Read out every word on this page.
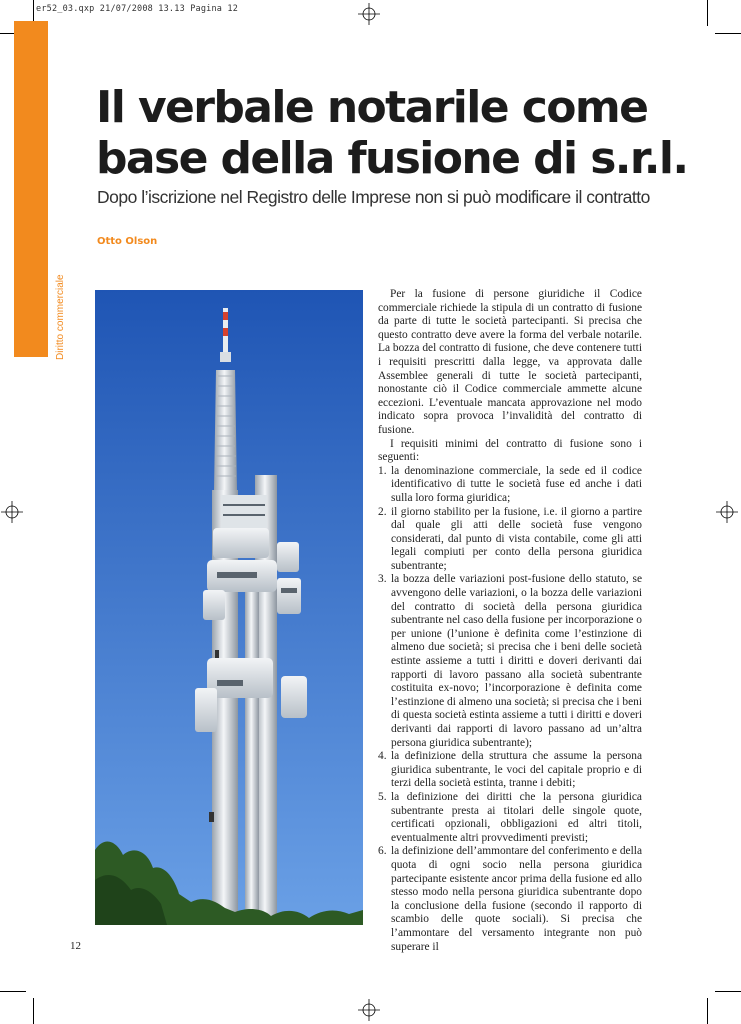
er52_03.qxp 21/07/2008 13.13 Pagina 12
Diritto commerciale
Il verbale notarile come base della fusione di s.r.l.
Dopo l’iscrizione nel Registro delle Imprese non si può modificare il contratto
Otto Olson

Per la fusione di persone giuridiche il Codice commerciale richiede la stipula di un contratto di fusione da parte di tutte le società partecipanti. Si precisa che questo contratto deve avere la forma del verbale notarile. La bozza del contratto di fusione, che deve contenere tutti i requisiti prescritti dalla legge, va approvata dalle Assemblee generali di tutte le società partecipanti, nonostante ciò il Codice commerciale ammette alcune eccezioni. L’eventuale mancata approvazione nel modo indicato sopra provoca l’invalidità del contratto di fusione.

I requisiti minimi del contratto di fusione sono i seguenti:

1. la denominazione commerciale, la sede ed il codice identificativo di tutte le società fuse ed anche i dati sulla loro forma giuridica;
2. il giorno stabilito per la fusione, i.e. il giorno a partire dal quale gli atti delle società fuse vengono considerati, dal punto di vista contabile, come gli atti legali compiuti per conto della persona giuridica subentrante;
3. la bozza delle variazioni post-fusione dello statuto, se avvengono delle variazioni, o la bozza delle variazioni del contratto di società della persona giuridica subentrante nel caso della fusione per incorporazione o per unione (l’unione è definita come l’estinzione di almeno due società; si precisa che i beni delle società estinte assieme a tutti i diritti e doveri derivanti dai rapporti di lavoro passano alla società subentrante costituita ex-novo; l’incorporazione è definita come l’estinzione di almeno una società; si precisa che i beni di questa società estinta assieme a tutti i diritti e doveri derivanti dai rapporti di lavoro passano ad un’altra persona giuridica subentrante);
4. la definizione della struttura che assume la persona giuridica subentrante, le voci del capitale proprio e di terzi della società estinta, tranne i debiti;
5. la definizione dei diritti che la persona giuridica subentrante presta ai titolari delle singole quote, certificati opzionali, obbligazioni ed altri titoli, eventualmente altri provvedimenti previsti;
6. la definizione dell’ammontare del conferimento e della quota di ogni socio nella persona giuridica partecipante esistente ancor prima della fusione ed allo stesso modo nella persona giuridica subentrante dopo la conclusione della fusione (secondo il rapporto di scambio delle quote sociali). Si precisa che l’ammontare del versamento integrante non può superare il
12
